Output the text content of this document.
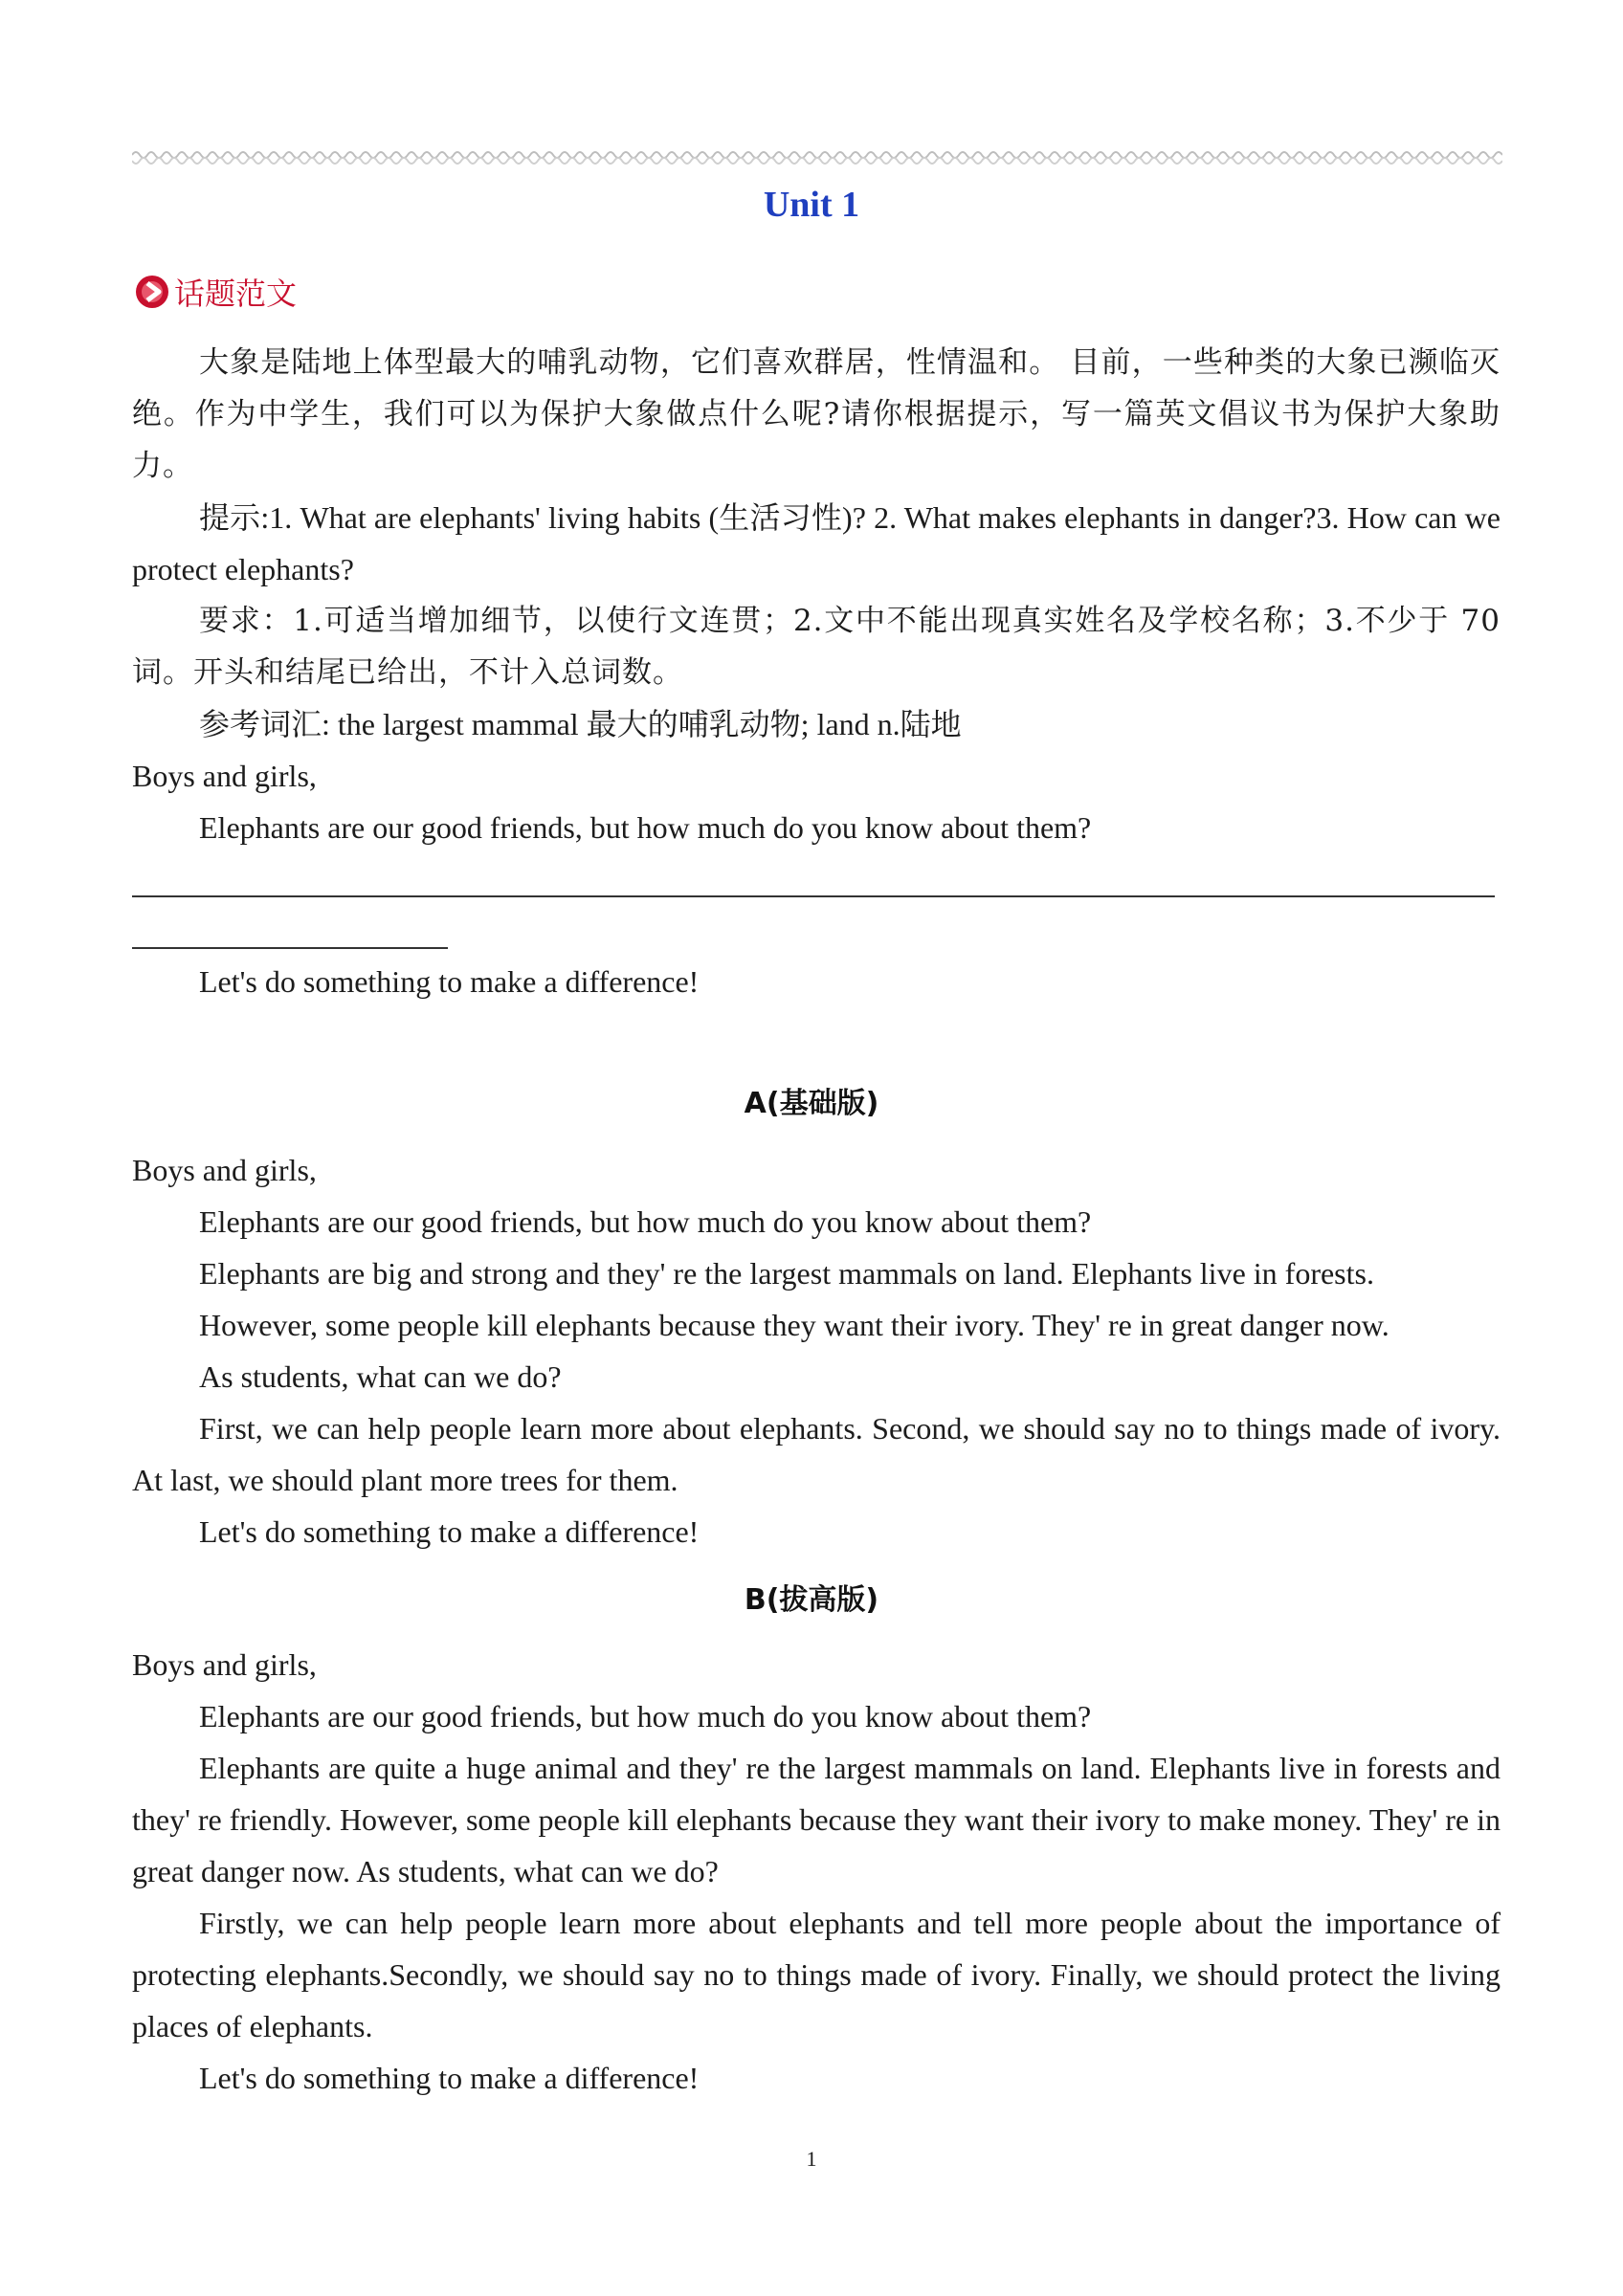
Unit 1
话题范文

大象是陆地上体型最大的哺乳动物，它们喜欢群居，性情温和。 目前，一些种类的大象已濒临灭绝。作为中学生，我们可以为保护大象做点什么呢?请你根据提示，写一篇英文倡议书为保护大象助力。

提示:1. What are elephants' living habits (生活习性)? 2. What makes elephants in danger?3. How can we protect elephants?

要求：1.可适当增加细节，以使行文连贯；2.文中不能出现真实姓名及学校名称；3.不少于 70 词。开头和结尾已给出，不计入总词数。

参考词汇: the largest mammal 最大的哺乳动物; land n.陆地

Boys and girls,

Elephants are our good friends, but how much do you know about them?

Let's do something to make a difference!

A(基础版)

Boys and girls,

Elephants are our good friends, but how much do you know about them?

Elephants are big and strong and they' re the largest mammals on land. Elephants live in forests.

However, some people kill elephants because they want their ivory. They' re in great danger now.

As students, what can we do?

First, we can help people learn more about elephants. Second, we should say no to things made of ivory. At last, we should plant more trees for them.

Let's do something to make a difference!

B(拔高版)

Boys and girls,

Elephants are our good friends, but how much do you know about them?

Elephants are quite a huge animal and they' re the largest mammals on land. Elephants live in forests and they' re friendly. However, some people kill elephants because they want their ivory to make money. They' re in great danger now. As students, what can we do?

Firstly, we can help people learn more about elephants and tell more people about the importance of protecting elephants.Secondly, we should say no to things made of ivory. Finally, we should protect the living places of elephants.

Let's do something to make a difference!

1
